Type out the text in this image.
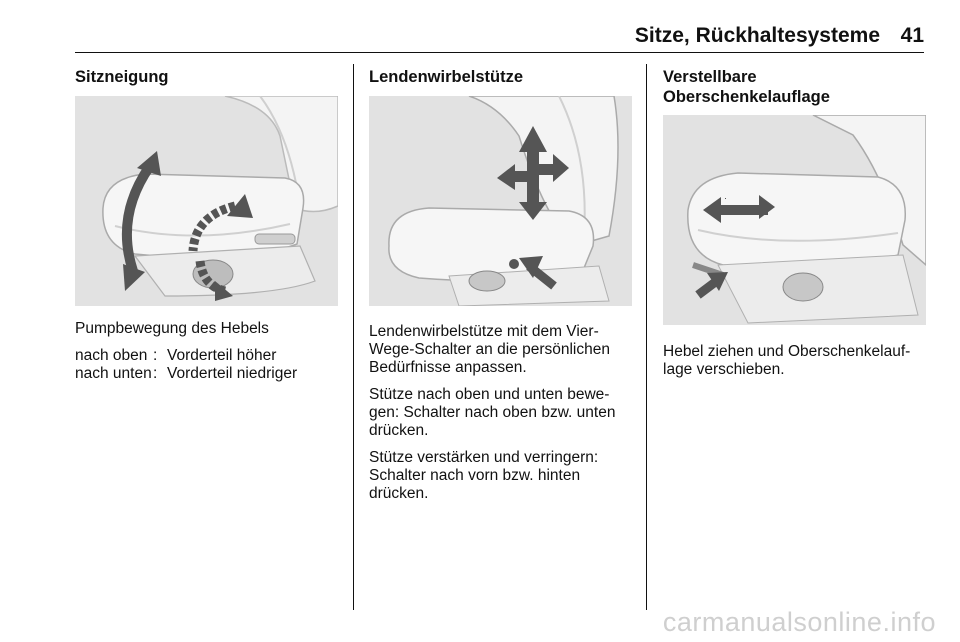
Sitze, Rückhaltesysteme 41
Sitzneigung

Pumpbewegung des Hebels

nach oben : Vorderteil höher
nach unten : Vorderteil niedriger
Lendenwirbelstütze

Lendenwirbelstütze mit dem Vier-Wege-Schalter an die persönlichen Bedürfnisse anpassen.

Stütze nach oben und unten bewe-gen: Schalter nach oben bzw. unten drücken.

Stütze verstärken und verringern: Schalter nach vorn bzw. hinten drücken.

Verstellbare
Oberschenkelauflage

Hebel ziehen und Oberschenkelauf-lage verschieben.

carmanualsonline.info
